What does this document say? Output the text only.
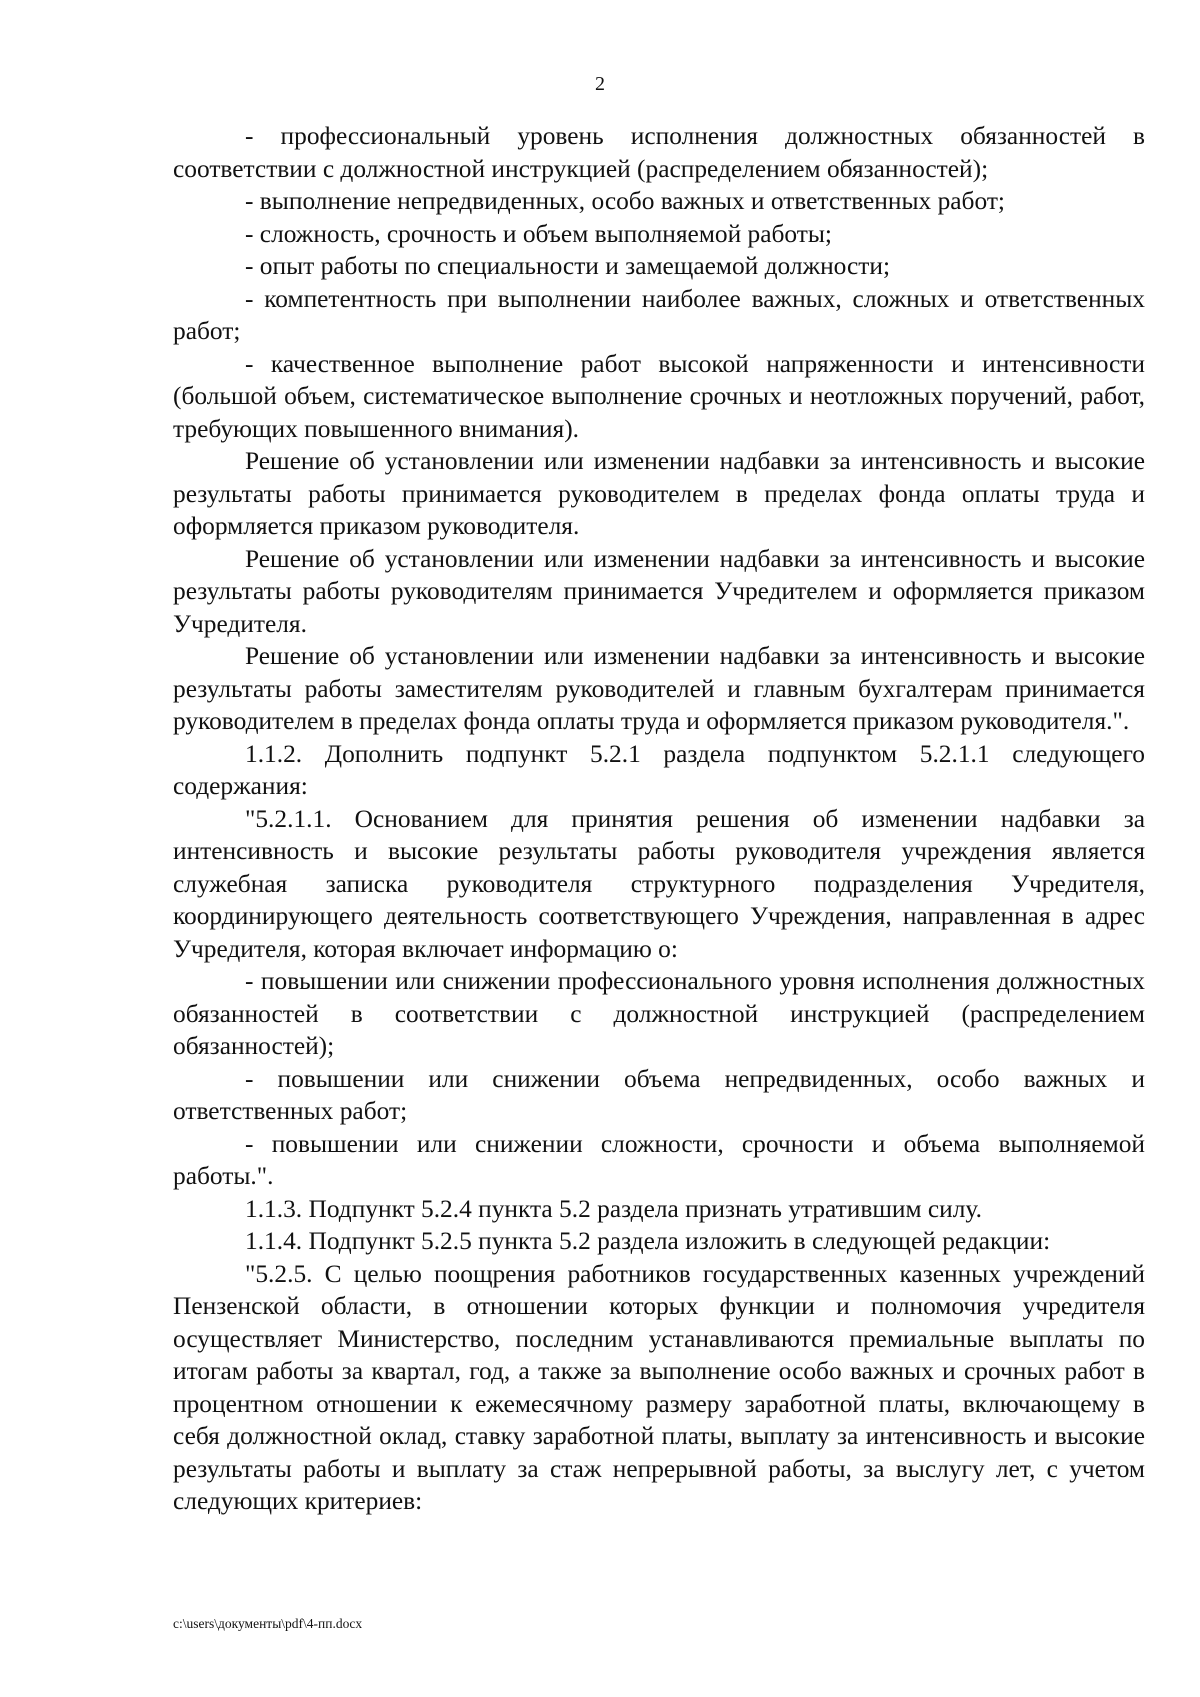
2

- профессиональный уровень исполнения должностных обязанностей в соответствии с должностной инструкцией (распределением обязанностей);

- выполнение непредвиденных, особо важных и ответственных работ;

- сложность, срочность и объем выполняемой работы;

- опыт работы по специальности и замещаемой должности;

- компетентность при выполнении наиболее важных, сложных и ответственных работ;

- качественное выполнение работ высокой напряженности и интенсивности (большой объем, систематическое выполнение срочных и неотложных поручений, работ, требующих повышенного внимания).

Решение об установлении или изменении надбавки за интенсивность и высокие результаты работы принимается руководителем в пределах фонда оплаты труда и оформляется приказом руководителя.

Решение об установлении или изменении надбавки за интенсивность и высокие результаты работы руководителям принимается Учредителем и оформляется приказом Учредителя.

Решение об установлении или изменении надбавки за интенсивность и высокие результаты работы заместителям руководителей и главным бухгалтерам принимается руководителем в пределах фонда оплаты труда и оформляется приказом руководителя.".

1.1.2. Дополнить подпункт 5.2.1 раздела подпунктом 5.2.1.1 следующего содержания:

"5.2.1.1. Основанием для принятия решения об изменении надбавки за интенсивность и высокие результаты работы руководителя учреждения является служебная записка руководителя структурного подразделения Учредителя, координирующего деятельность соответствующего Учреждения, направленная в адрес Учредителя, которая включает информацию о:

- повышении или снижении профессионального уровня исполнения должностных обязанностей в соответствии с должностной инструкцией (распределением обязанностей);

- повышении или снижении объема непредвиденных, особо важных и ответственных работ;

- повышении или снижении сложности, срочности и объема выполняемой работы.".

1.1.3. Подпункт 5.2.4 пункта 5.2 раздела признать утратившим силу.

1.1.4. Подпункт 5.2.5 пункта 5.2 раздела изложить в следующей редакции:

"5.2.5. С целью поощрения работников государственных казенных учреждений Пензенской области, в отношении которых функции и полномочия учредителя осуществляет Министерство, последним устанавливаются премиальные выплаты по итогам работы за квартал, год, а также за выполнение особо важных и срочных работ в процентном отношении к ежемесячному размеру заработной платы, включающему в себя должностной оклад, ставку заработной платы, выплату за интенсивность и высокие результаты работы и выплату за стаж непрерывной работы, за выслугу лет, с учетом следующих критериев:

c:\users\документы\pdf\4-пп.docx
